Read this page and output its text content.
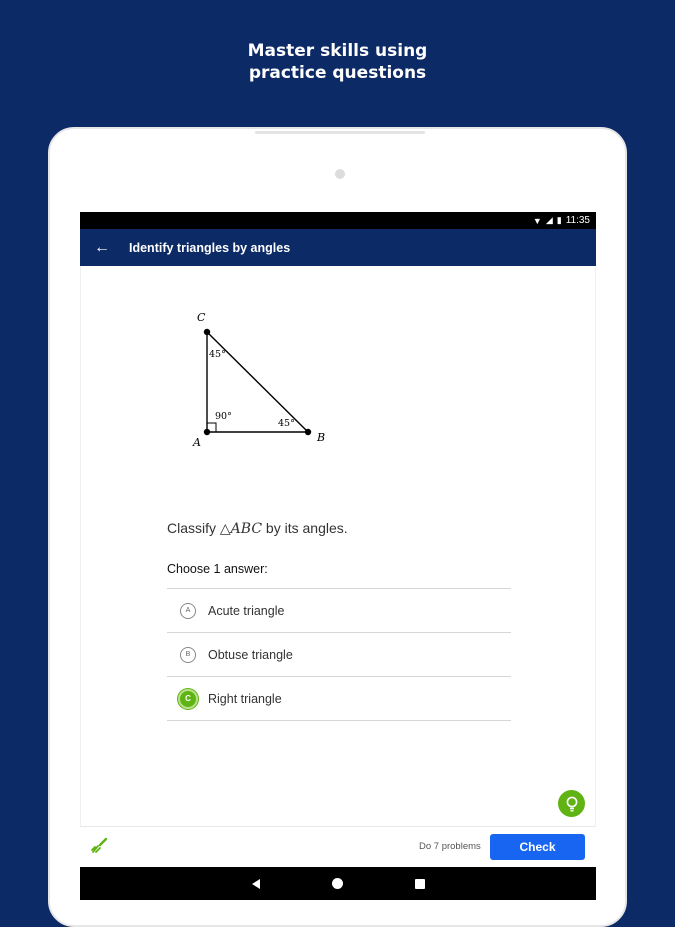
Master skills using
practice questions
▼ ◢ ▮ 11:35
← Identify triangles by angles
C
A	B
45°
90°
45°
Classify △ABC by its angles.
Choose 1 answer:
A	Acute triangle
B	Obtuse triangle
C	Right triangle
Do 7 problems	Check
